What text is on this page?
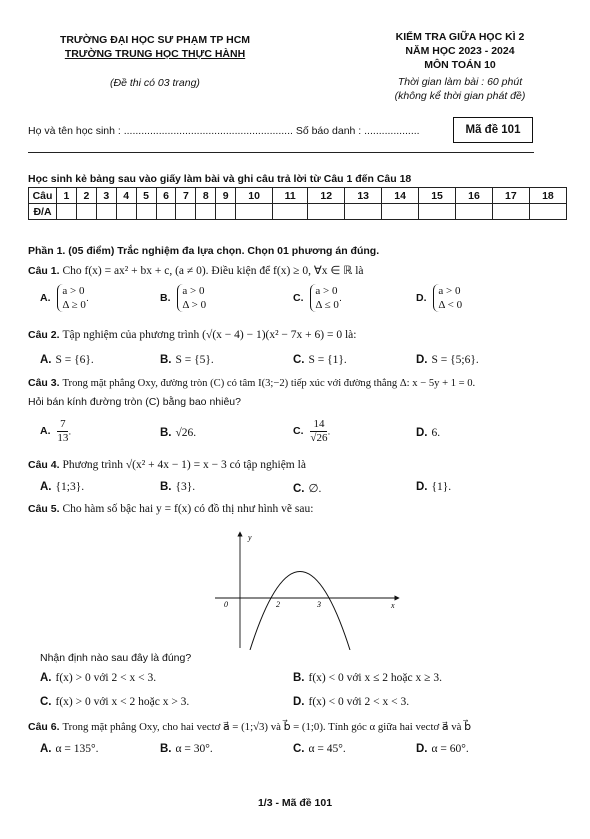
TRƯỜNG ĐẠI HỌC SƯ PHẠM TP HCM
TRƯỜNG TRUNG HỌC THỰC HÀNH
(Đề thi có 03 trang)
KIỂM TRA GIỮA HỌC KÌ 2
NĂM HỌC 2023 - 2024
MÔN TOÁN 10
Thời gian làm bài : 60 phút
(không kể thời gian phát đề)
Họ và tên học sinh : .......................................................... Số báo danh : ...................	Mã đề 101
Học sinh kẻ bảng sau vào giấy làm bài và ghi câu trả lời từ Câu 1 đến Câu 18
Câu	1	2	3	4	5	6	7	8	9	10	11	12	13	14	15	16	17	18
Đ/A																		
Phần 1. (05 điểm) Trắc nghiệm đa lựa chọn. Chọn 01 phương án đúng.
Câu 1. Cho f(x) = ax² + bx + c, (a ≠ 0). Điều kiện để f(x) ≥ 0, ∀x ∈ ℝ là
A.
a > 0
Δ ≥ 0
.	B.
a > 0
Δ > 0
C.
a > 0
Δ ≤ 0
.	D.
a > 0
Δ < 0
Câu 2. Tập nghiệm của phương trình (√(x − 4) − 1)(x² − 7x + 6) = 0 là:
A. S = {6}.	B. S = {5}.	C. S = {1}.	D. S = {5;6}.
Câu 3. Trong mặt phẳng Oxy, đường tròn (C) có tâm I(3;−2) tiếp xúc với đường thẳng Δ: x − 5y + 1 = 0.
Hỏi bán kính đường tròn (C) bằng bao nhiêu?
A. $\frac{7}{13}$ .	B. √26.	C. $\frac{14}{√26}$ .	D. 6.
Câu 4. Phương trình √(x² + 4x − 1) = x − 3 có tập nghiệm là
A. {1;3}.	B. {3}.	C. ∅.	D. {1}.
Câu 5. Cho hàm số bậc hai y = f(x) có đồ thị như hình vẽ sau:
y
x
0	2	3
Nhận định nào sau đây là đúng?
A. f(x) > 0 với 2 < x < 3.	B. f(x) < 0 với x ≤ 2 hoặc x ≥ 3.
C. f(x) > 0 với x < 2 hoặc x > 3.	D. f(x) < 0 với 2 < x < 3.
Câu 6. Trong mặt phẳng Oxy, cho hai vectơ a⃗ = (1;√3) và b⃗ = (1;0). Tính góc α giữa hai vectơ a⃗ và b⃗
A. α = 135°.	B. α = 30°.	C. α = 45°.	D. α = 60°.
1/3 - Mã đề 101
